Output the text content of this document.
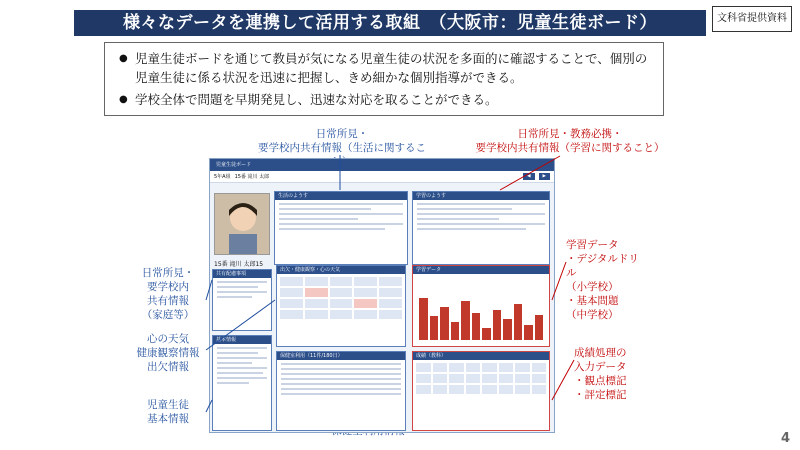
様々なデータを連携して活用する取組　（大阪市：児童生徒ボード）	文科省提供資料
● 児童生徒ボードを通じて教員が気になる児童生徒の状況を多面的に確認することで、個別の児童生徒に係る状況を迅速に把握し、きめ細かな個別指導ができる。
● 学校全体で問題を早期発見し、迅速な対応を取ることができる。
日常所見・
要学校内共有情報（生活に関するこ
日常所見・教務必携・
要学校内共有情報（学習に関すること）
日常所見・
要学校内
共有情報
（家庭等）
心の天気
健康観察情報
出欠情報
児童生徒
基本情報
学習データ
・デジタルドリル
（小学校）
・基本問題
（中学校）
成績処理の
入力データ
・観点標記
・評定標記
児童生徒ボード
5年A組 15番 滝川 太郎	◀	▶
15番 滝川 太郎15
生活のようす	学習のようす
共有配慮事項
出欠・健康観察・心の天気	学習データ
基本情報
保健室利用（11件/180日）	成績（教科）
4
